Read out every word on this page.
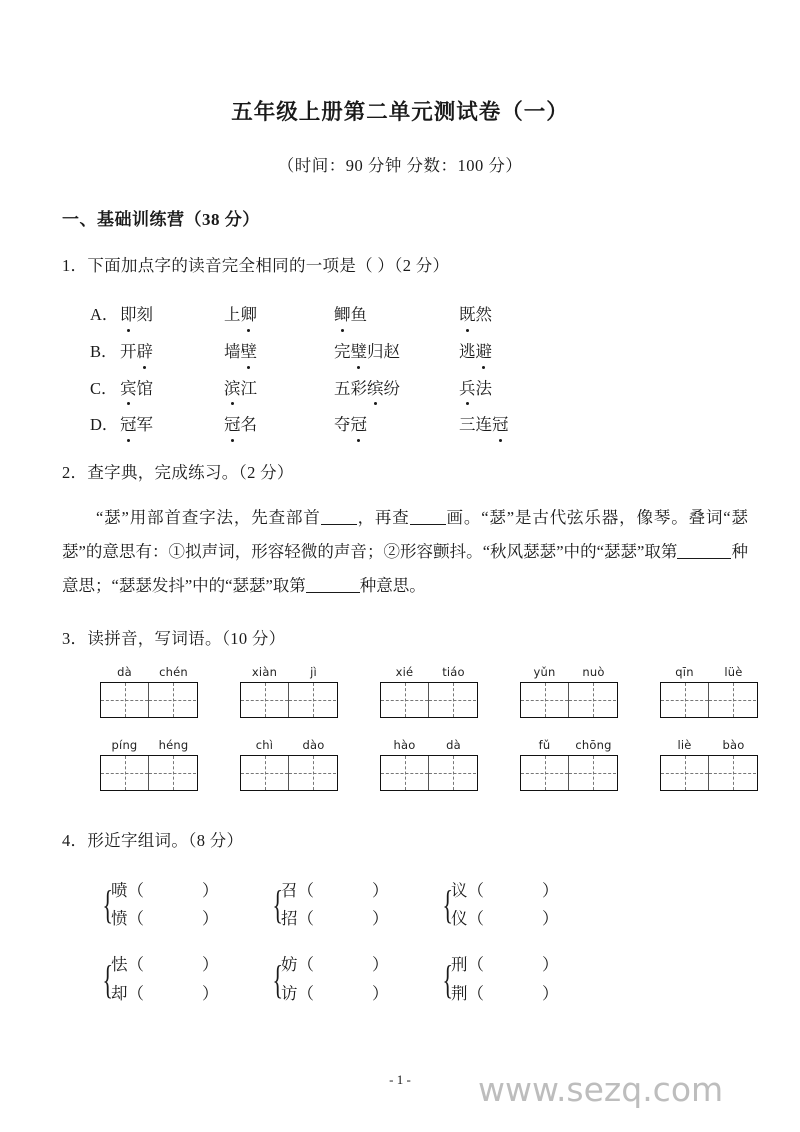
五年级上册第二单元测试卷（一）
（时间：90 分钟 分数：100 分）
一、基础训练营（38 分）
1．下面加点字的读音完全相同的一项是（ ）（2 分）
A． 即刻	上卿	鲫鱼	既然
B． 开辟	墙壁	完璧归赵	逃避
C． 宾馆	滨江	五彩缤纷	兵法
D． 冠军	冠名	夺冠	三连冠
2．查字典，完成练习。（2 分）
“瑟”用部首查字法，先查部首 ，再查 画。“瑟”是古代弦乐器，像琴。叠词“瑟瑟”的意思有：①拟声词，形容轻微的声音；②形容颤抖。“秋风瑟瑟”中的“瑟瑟”取第	种意思；“瑟瑟发抖”中的“瑟瑟”取第	种意思。
3．读拼音，写词语。（10 分）
dà	chén	xiàn	jì	xié	tiáo	yǔn	nuò	qīn	lüè
píng	héng	chì	dào	hào	dà	fǔ	chōng	liè	bào
4．形近字组词。（8 分）
{
喷（	）
愤（	） {
召（	）
招（	） {
议（	）
仪（	）
{
怯（	）
却（	） {
妨（	）
访（	） {
刑（	）
荆（	）
- 1 -	www.sezq.com
